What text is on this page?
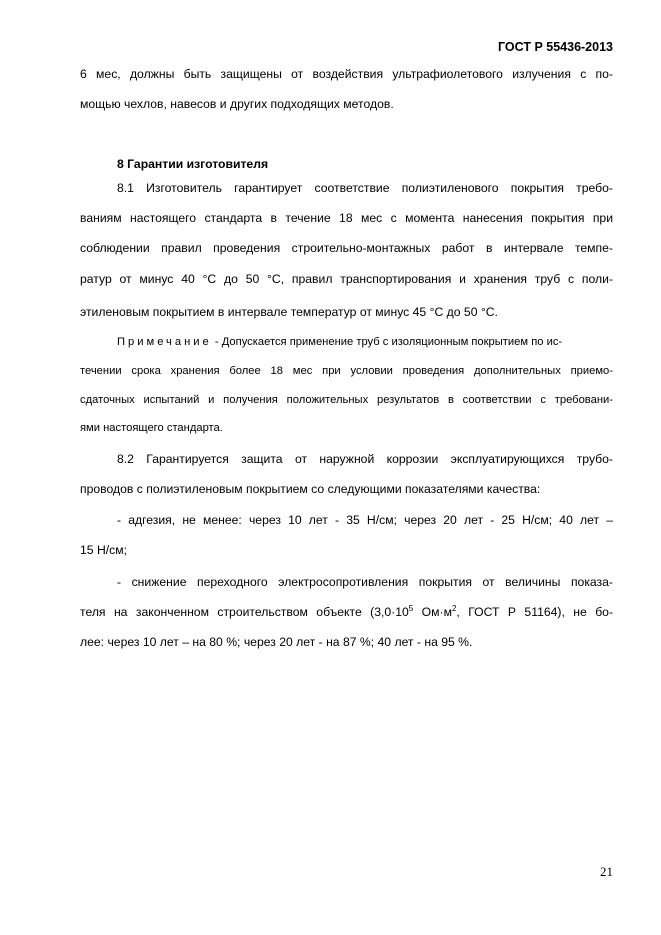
ГОСТ Р 55436-2013
6 мес, должны быть защищены от воздействия ультрафиолетового излучения с по-
мощью чехлов, навесов и других подходящих методов.
8 Гарантии изготовителя
8.1 Изготовитель гарантирует соответствие полиэтиленового покрытия требо-
ваниям настоящего стандарта в течение 18 мес с момента нанесения покрытия при
соблюдении правил проведения строительно-монтажных работ в интервале темпе-
ратур от минус 40 °С до 50 °С, правил транспортирования и хранения труб с поли-
этиленовым покрытием в интервале температур от минус 45 °С до 50 °С.
Примечание - Допускается применение труб с изоляционным покрытием по ис-
течении срока хранения более 18 мес при условии проведения дополнительных приемо-
сдаточных испытаний и получения положительных результатов в соответствии с требовани-
ями настоящего стандарта.
8.2 Гарантируется защита от наружной коррозии эксплуатирующихся трубо-
проводов с полиэтиленовым покрытием со следующими показателями качества:
- адгезия, не менее: через 10 лет - 35 Н/см; через 20 лет - 25 Н/см; 40 лет –
15 Н/см;
- снижение переходного электросопротивления покрытия от величины показа-
теля на законченном строительством объекте ($3,0\cdot 10^5$ $Ом\cdot м^2$, ГОСТ Р 51164), не бо-
лее: через 10 лет – на 80 %; через 20 лет - на 87 %; 40 лет - на 95 %.
21
